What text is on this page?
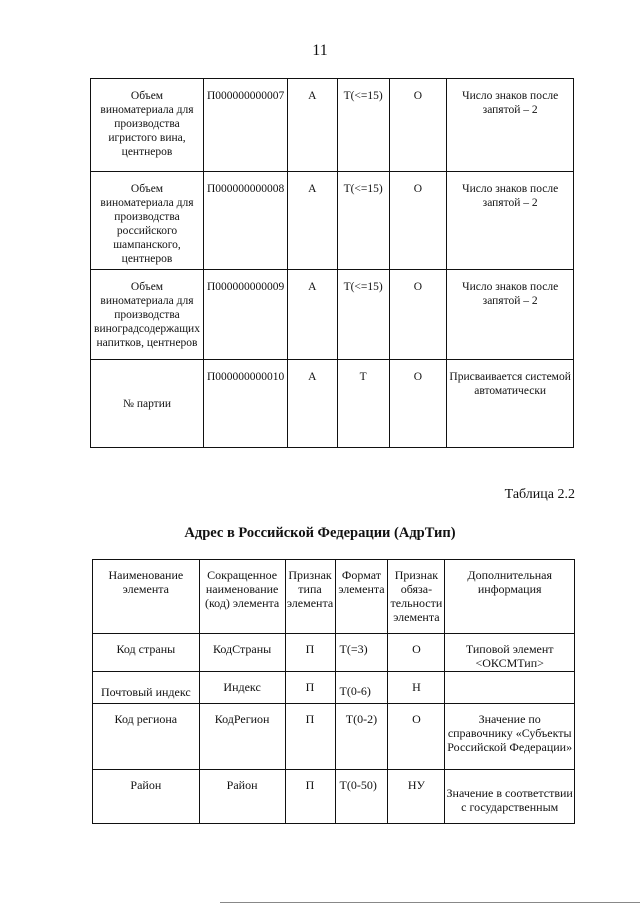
11
Объем виноматериала для производства игристого вина, центнеров	П000000000007	А	Т(<=15)	О	Число знаков после запятой – 2
Объем виноматериала для производства российского шампанского, центнеров	П000000000008	А	Т(<=15)	О	Число знаков после запятой – 2
Объем виноматериала для производства виноградсодержащих напитков, центнеров	П000000000009	А	Т(<=15)	О	Число знаков после запятой – 2
№ партии	П000000000010	А	Т	О	Присваивается системой автоматически
Таблица 2.2
Адрес в Российской Федерации (АдрТип)
Наименование элемента	Сокращенное наименование (код) элемента	Признак типа элемента	Формат элемента	Признак обяза-тельности элемента	Дополнительная информация
Код страны	КодСтраны	П	Т(=3)	О	Типовой элемент <ОКСМТип>
Почтовый индекс	Индекс	П	Т(0-6)	Н	
Код региона	КодРегион	П	Т(0-2)	О	Значение по справочнику «Субъекты Российской Федерации»
Район	Район	П	Т(0-50)	НУ	Значение в соответствии с государственным
